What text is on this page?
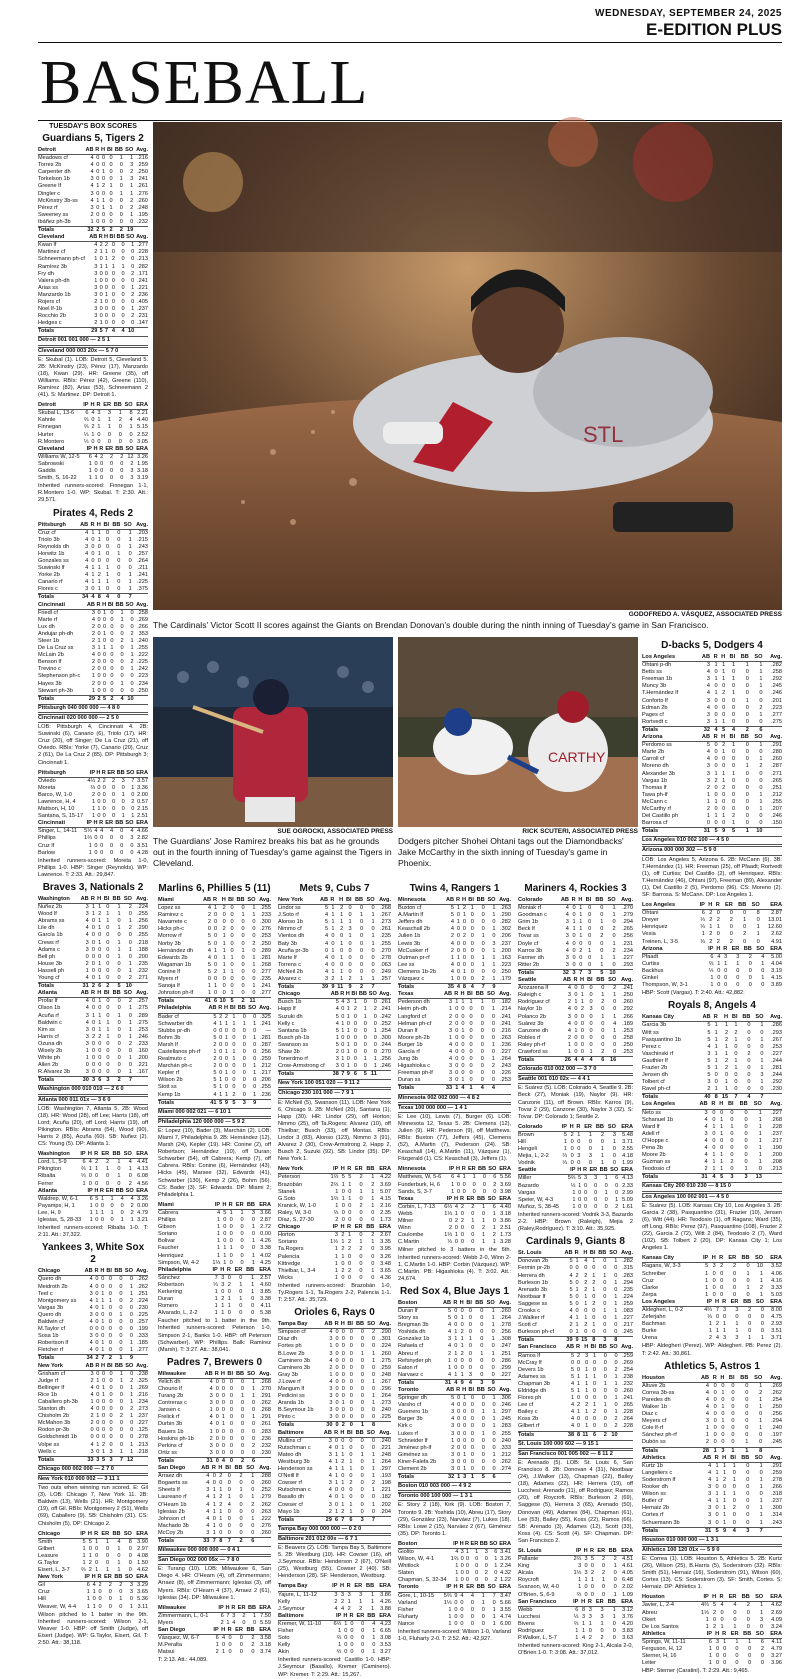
WEDNESDAY, SEPTEMBER 24, 2025
E-EDITION PLUS
BASEBALL
TUESDAY'S BOX SCORES
STL
GODOFREDO A. VÁSQUEZ, ASSOCIATED PRESS
The Cardinals' Victor Scott II scores against the Giants on Brendan Donovan's double during the ninth inning of Tuesday's game in San Francisco.
SUE OGROCKI, ASSOCIATED PRESS
The Guardians' Jose Ramirez breaks his bat as he grounds out in the fourth inning of Tuesday's game against the Tigers in Cleveland.
CARTHY
RICK SCUTERI, ASSOCIATED PRESS
Dodgers pitcher Shohei Ohtani tags out the Diamondbacks' Jake McCarthy in the sixth inning of Tuesday's game in Phoenix.
Guardians 5, Tigers 2
Detroit	AB	R	H	BI	BB	SO	Avg.
Meadows cf	4	0	0	0	1	1	.216
Torres 2b	4	0	0	0	0	3	.259
Carpenter dh	4	0	1	0	0	2	.250
Torkelson 1b	3	0	0	0	1	3	241
Greene lf	4	1	2	1	0	1	.261
Dingler c	3	0	0	0	1	1	.276
McKinstry 3b-ss	4	1	1	0	0	2	.260
Pérez rf	3	0	1	1	0	2	.248
Sweeney ss	2	0	0	0	0	1	.195
Ibáñez ph-3b	1	0	0	0	0	0	.232
Totals	32	2	5	2	2	19	
Cleveland	AB	R	H	BI	BB	SO	Avg.
Kwan lf	4	2	2	0	0	1	.277
Martinez cf	2	1	1	0	0	0	.228
Schneemann ph-cf	1	0	1	2	0	0	.213
Ramírez 3b	3	1	1	1	1	0	.282
Fry dh	3	0	0	0	0	2	.171
Valera ph-dh	1	0	0	0	0	0	.241
Arias ss	3	0	0	0	0	1	.221
Manzardo 1b	3	0	1	0	0	2	.236
Rojers cf	2	1	0	0	0	0	.405
Noel lf-1b	3	0	0	0	0	1	.237
Rocchio 2b	3	0	0	0	0	2	.231
Hedges c	2	1	0	0	0	0	.147
Totals	29	5	7	4	4	10	
Detroit 001 001 000 — 2 5 1
Cleveland 000 003 20x — 5 7 0
E: Skubal (1). LOB: Detroit 5, Cleveland 5. 2B: McKinstry (23), Pérez (17), Manzardo (18), Kwan (29). HR: Greene (35), off Williams. RBIs: Pérez (42), Greene (110), Ramírez (82), Arias (53), Schneemann 2 (41). S: Martinez. DP: Detroit 1.
Detroit	IP	H	R	ER	BB	SO	ERA
Skubal L, 13-6	6	4	3	3	1	8	2.21
Kahnle	⅔	0	1	1	2	4	4.40
Finnegan	⅔	2	1	1	0	1	5.15
Hurter	⅓	1	0	0	0	0	2.52
R.Montero	⅓	0	0	0	0	0	3.05
Cleveland	IP	H	R	ER	BB	SO	ERA
Williams W, 12-5	6	4	2	2	2	12	3.26
Sabrowski	1	0	0	0	0	2	1.95
Gaddis	1	0	0	0	0	3	3.18
Smith, S, 16-22	1	1	0	0	0	3	3.19
Inherited runners-scored: Finnegan 1-1, R.Montero 1-0. WP: Skubal. T: 2:30. Att.: 29,571.
Pirates 4, Reds 2
Pittsburgh	AB	R	H	BI	BB	SO	Avg.
Cruz cf	4	1	1	0	0	1	.203
Triolo 3b	4	0	1	0	0	1	.215
Reynolds dh	3	0	0	0	0	1	.243
Horwitz 1b	4	0	1	0	1	0	.257
Gonzales ss	4	0	0	0	0	0	.264
Suwinski lf	4	1	1	1	0	0	.211
Yorke 2b	4	1	2	1	0	1	.241
Canario rf	4	1	1	1	0	1	.225
Flores c	3	0	1	0	0	1	.375
Totals	34	4	8	4	0	7	
Cincinnati	AB	R	H	BI	BB	SO	Avg.
Friedl cf	3	0	1	0	1	0	.258
Marte rf	4	0	0	0	1	0	.269
Lux dh	2	0	0	0	0	0	.266
Andujar ph-dh	2	0	1	0	0	2	353
Steer 1b	2	1	0	0	2	1	.240
De La Cruz ss	3	1	1	1	0	1	.255
McLain 2b	4	0	0	0	0	1	.222
Benson lf	2	0	0	0	0	2	.225
Trevino c	2	0	0	0	0	1	.242
Stephenson ph-c	1	0	0	0	0	0	.223
Hayes 3b	2	0	0	0	1	0	.234
Stewart ph-3b	1	0	0	0	0	0	.250
Totals	29	2	5	2	4	10	
Pittsburgh 040 000 000 — 4 8 0
Cincinnati 020 000 000 — 2 5 0
LOB: Pittsburgh 4, Cincinnati 4. 2B: Suwinski (6), Canario (6), Triolo (17). HR: Cruz (20), off Singer; De La Cruz (21), off Oviedo. RBIs: Yorke (7), Canario (20), Cruz 2 (61), De La Cruz 2 (85). DP: Pittsburgh 3; Cincinnati 1.
Pittsburgh	IP	H	R	ER	BB	SO	ERA
Oviedo	4⅓	2	2	2	3	7	3.57
Moreta	⅔	0	0	0	0	1	3.36
Barco, W, 1-0	2	0	0	0	1	0	2.00
Lawrence, H, 4	1	0	0	0	0	2	0.57
Mattson, H, 10	1	1	0	0	0	0	2.15
Santana, S, 15-17	1	0	0	0	1	1	2.51
Cincinnati	IP	H	R	ER	BB	SO	ERA
Singer, L, 14-11	5⅓	4	4	4	0	4	4.66
Phillips	1⅔	0	0	0	0	3	2.82
Cruz lf	1	0	0	0	0	0	3.51
Barlow	1	0	0	0	0	0	4.28
Inherited runners-scored: Moreta 1-0, Phillips 1-0. HBP: Singer (Reynolds). WP: Lawrence. T: 2:33. Att.: 29,847.
Braves 3, Nationals 2
Washington	AB	R	H	BI	BB	SO	Avg.
Nuñez 2b	3	1	1	0	1	2	.224
Wood lf	3	1	2	1	1	0	.255
Abrams ss	4	0	1	1	0	1	.256
Lile dh	4	0	1	0	1	2	.290
García 1b	4	0	0	0	0	0	.255
Crews rf	3	0	1	0	1	0	.218
Adams c	3	0	0	0	1	1	.188
Bell ph	0	0	0	0	1	0	.200
House 3b	2	0	1	0	0	1	.235
Hassell ph	1	0	0	0	0	1	.232
Young cf	4	0	1	0	0	2	.271
Totals	31	2	6	2	5	10	
Atlanta	AB	R	H	BI	BB	SO	Avg.
Profar lf	4	0	1	0	0	2	.257
Olson 1b	4	0	0	0	0	1	.275
Acuña rf	3	1	1	0	1	0	.289
Baldwin c	4	0	1	1	0	1	.275
Kim ss	3	0	1	1	0	1	.253
Harris cf	3	2	2	1	0	1	.246
Ozuna dh	3	0	0	0	0	2	.233
Wisely 2b	1	0	0	0	0	0	.160
White ph	1	0	0	0	0	1	.200
Allen 2b	0	0	0	0	0	0	.221
R.Alvarez 3b	3	0	0	0	0	1	.167
Totals	30	3	6	3	2	7	
Washington 000 010 010 — 2 6 0
Atlanta 000 011 01x — 3 6 0
LOB: Washington 7, Atlanta 5. 2B: Wood (18). HR: Wood (28), off Lee; Harris (18), off Lord; Acuña (20), off Lord; Harris (19), off Pikington. RBIs: Abrams (54), Wood (90), Harris 2 (85), Acuña (60). SB: Nuñez (2). CS: Young (5). DP: Atlanta 1.
Washington	IP	H	R	ER	BB	SO	ERA
Lord, L, 5-9	6	4	2	2	1	4	4.41
Pikington	⅔	1	1	1	0	1	4.13
Ribalta	⅓	0	0	0	1	0	6.08
Ferrer	1	0	0	0	0	2	4.56
Atlanta	IP	H	R	ER	BB	SO	ERA
Waldrep, W, 6-1	6	5	1	1	4	4	3.26
Payamps, H, 1	1	0	0	0	0	2	0.00
Lee, H, 9	1	1	1	1	0	2	4.79
Iglesias, S, 28-33	1	0	0	0	1	1	3.21
Inherited runners-scored: Ribalta 1-0. T: 2:11. Att.: 37,322.
Yankees 3, White Sox 2
Chicago	AB	R	H	BI	BB	SO	Avg.
Quero dh	4	0	0	0	0	0	.262
Meidroth 2b	4	0	0	0	0	1	.262
Teel c	3	0	1	0	0	1	.251
Montgomery ss	4	1	1	1	0	2	.224
Vargas 3b	4	0	1	0	0	0	.230
Quero dh	3	0	0	0	1	0	.225
Baldwin cf	4	0	1	0	0	0	.257
M.Taylor cf	0	0	0	0	0	0	.199
Sosa 1b	3	0	0	0	0	0	.333
Robertson lf	4	0	1	0	0	1	.185
Fletcher rf	4	0	1	0	0	1	.277
Totals	34	2	7	2	1	9	
New York	AB	R	H	BI	BB	SO	Avg.
Grisham cf	3	0	0	0	1	0	.238
Judge rf	2	1	0	0	1	2	.325
Bellinger lf	4	0	1	0	0	1	.269
Rice 1b	4	0	1	0	0	1	.216
Caballero ph-3b	1	0	0	0	0	1	.234
Stanton dh	4	0	0	0	0	2	.273
Chisholm 2b	2	1	0	0	2	1	.237
McMahon 3b	2	0	0	0	0	0	.227
Rodon pr-3b	0	0	0	0	0	0	.125
Goldschmidt 1b	0	0	0	0	0	0	.278
Volpe ss	4	1	2	0	0	1	.213
Wells c	3	0	1	3	1	1	.218
Totals	33	3	5	3	7	12	
Chicago 000 002 000 — 2 7 0
New York 010 000 002 — 3 11 1
Two outs when winning run scored. E: Gil (3). LOB: Chicago 7, New York 11. 2B: Baldwin (13), Wells (21). HR: Montgomery (19), off Gil. RBIs: Montgomery 2 (51), Wells (69), Caballero (9). SB: Chisholm (31). CS: Chisholm (5). DP: Chicago 2.
Chicago	IP	H	R	ER	BB	SO	ERA
Smith	5	5	1	1	4	8	3.90
Gilbert	1	0	0	0	1	0	2.97
Leasure	1	1	0	0	0	0	4.08
G.Taylor	1	2	0	0	1	0	1.50
Eisert, L, 3-7	⅔	2	1	1	1	0	4.62
New York	IP	H	R	ER	BB	SO	ERA
Gil	6	4	2	2	2	3	3.29
Cruz	1	1	0	0	0	3	3.65
Hill	1	0	0	0	1	0	5.36
Weaver, W, 4-4	1	1	0	0	0	1	3.11
Wilson pitched to 1 batter in the 9th. Inherited runners-scored: Wilson 2-1, Weaver 1-0. HBP: off Smith (Judge), off Eisert (Judge). WP: G.Taylor, Eisert, Gil. T: 2:50. Att.: 38,118.
Marlins 6, Phillies 5 (11)
Miami	AB	R	H	BI	BB	SO	Avg.
Lopez ss	4	1	2	0	0	1	.255
Ramirez c	2	0	0	0	1	1	.233
Navarrete c	2	0	0	0	0	0	.300
Hicks ph-c	0	0	2	0	0	0	.276
Morrow rf	5	0	1	0	0	0	.253
Norby 3b	5	0	1	0	0	2	.250
Hernández dh	4	1	1	0	1	0	.289
Edwards 2b	4	0	1	1	0	1	.281
Wagaman 1b	5	0	1	0	0	1	.268
Conine lf	5	2	1	1	0	0	.277
Myers rf	0	0	0	0	0	0	.235
Sanoja lf	1	1	0	0	0	1	.241
Johnston ph-lf	1	0	0	1	0	0	.277
Totals	41	6	10	5	2	11	
Philadelphia	AB	R	H	BI	BB	SO	Avg.
Bader cf	5	2	2	1	0	0	.325
Schwarber dh	4	1	1	1	1	1	.241
Stubbs pr-dh	0	0	0	0	0	0	—
Bohm 3b	5	0	1	0	0	1	.281
Marsh lf	2	0	0	0	0	0	.287
Castellanos ph-rf	1	0	1	1	0	0	.256
Realmuto c	2	0	0	1	0	0	.259
Marchán ph-c	2	0	0	0	0	1	.212
Kepler rf	5	0	1	0	0	1	.217
Wilson 2b	5	1	0	0	0	0	.206
Stott ss	5	1	0	0	0	0	.255
Kemp 1b	4	1	1	2	0	1	.236
Totals	41	5	9	5	3	9	
Miami 000 002 021 — 6 10 1
Philadelphia 120 000 000 — 5 9 2
E: Lopez (10), Bader (3), Marchán (2). LOB: Miami 7, Philadelphia 9. 2B: Hernández (12), Marsh (24), Kepler (19). HR: Conine (2), off Robertson; Hernández (10), off Duran; Schwarber (54), off Cabrera; Kemp (7), off Cabrera. RBIs: Conine (6), Hernández (43), Hicks (45), Marsee (32), Edwards (41), Schwarber (130), Kemp 2 (26), Bohm (56). CS: Bader (3). SF: Edwards. DP: Miami 2; Philadelphia 1.
Miami	IP	H	R	ER	BB	ERA
Cabrera	4	5	1	1	3	3.66
Phillips	1	0	0	0	0	2.87
Gibson	1	0	0	0	1	2.72
Soriano	1	0	0	0	0	0.00
Bolivar	1	0	0	0	1	4.26
Faucher	1	1	1	0	0	3.38
Henriquez	1	1	0	0	1	4.02
Simpson, W, 4-2	1⅓	1	0	0	1	4.25
Philadelphia	IP	H	R	ER	BB	ERA
Sánchez	7	3	0	0	1	2.57
Robertson	⅓	3	2	1	1	4.60
Kerkering	1	0	0	0	1	3.85
Duran	1	2	1	1	0	3.38
Romero	1	1	1	0	0	4.11
Alvarado, L, 2-2	1	1	0	0	0	5.38
Faucher pitched to 1 batter in the 9th. Inherited runners-scored: Peterson 1-0, Simpson 2-1, Banks 1-0. HBP: off Peterson (Schwarber). WP: Phillips. Balk: Ramírez (Marsh). T: 3:27. Att.: 38,041.
Padres 7, Brewers 0
Milwaukee	AB	R	H	BI	BB	SO	Avg.
Yelich dh	4	0	0	0	0	1	.268
Chourio lf	4	0	0	0	0	1	.270
Turang 2b	3	0	0	0	1	1	.291
Contreras c	3	0	0	0	0	0	.262
Jansen c	1	0	0	0	0	0	.268
Frelick rf	4	0	1	0	0	1	.291
Durbin 3b	4	0	1	0	0	0	.261
Bauers 1b	1	0	0	0	0	0	.283
Hoskins ph-1b	2	0	0	0	0	0	.236
Perkins cf	3	0	0	0	0	2	.232
Ortiz ss	3	0	0	0	0	0	.230
Totals	31	0	4	0	2	6	
San Diego	AB	R	H	BI	BB	SO	Avg.
Arraez dh	4	0	2	0	2	1	.288
Bogaerts ss	4	0	0	0	0	0	.260
Sheets lf	3	1	1	0	1	0	.252
Laureano rf	4	1	2	1	0	1	.279
O'Hearn 1b	4	1	2	4	0	2	.262
Iglesias 2b	4	1	1	0	0	0	.263
Johnson cf	4	0	1	0	0	1	.222
Machado 3b	4	1	0	0	0	0	.276
McCoy 2b	3	1	0	0	0	0	.260
Totals	33	7	8	7	2	6	
Milwaukee 000 000 000 — 0 4 1
San Diego 002 000 05x — 7 8 0
E: Turang (10). LOB: Milwaukee 6, San Diego 4. HR: O'Hearn (4), off Zimmermann; Arraez (8), off Zimmermann; Iglesias (3), off Myers. RBIs: O'Hearn 4 (37), Arraez 2 (61), Iglesias (34). DP: Milwaukee 1.
Milwaukee	IP	H	R	ER	BB	ERA
Zimmermann, L, 0-1	6	7	3	2	1	7.50
Myers	2	1	4	0	0	5.59
San Diego	IP	H	R	ER	BB	ERA
Vásquez, W, 6-7	6	4	0	0	2	3.58
M.Peralta	1	0	0	0	2	3.18
Matsui	2	1	0	0	0	3.74
T: 2:13. Att.: 44,089.
Mets 9, Cubs 7
New York	AB	R	H	BI	BB	SO	Avg.
Lindor ss	5	1	2	0	0	0	.268
J.Soto rf	4	1	1	0	1	1	.267
Alonso 1b	5	1	1	1	0	1	.273
Nimmo cf	5	1	2	3	0	0	.261
Vientos dh	4	0	0	1	0	1	.235
Baty 3b	4	0	1	0	0	1	.255
Acuña pr-3b	0	1	0	0	0	0	.270
Marte lf	4	0	1	0	0	0	.278
Torrens c	4	0	0	0	0	0	.063
McNeil 2b	4	1	1	0	0	0	.249
Alvarez c	3	2	1	2	1	1	.257
Totals	39	9	11	9	2	7	
Chicago	AB	R	H	BI	BB	SO	Avg.
Busch 1b	5	4	3	1	0	0	.261
Happ lf	4	0	1	2	1	2	.241
Suzuki dh	5	0	1	0	1	0	.242
Kelly c	4	1	0	0	0	0	.252
Santana 1b	5	1	1	0	0	1	.254
Busch ph-1b	1	0	0	0	0	0	.300
Swanson ss	5	0	1	0	0	0	.244
Shaw 3b	2	0	1	0	0	0	.270
Tonerdmo rf	3	1	0	0	1	1	.256
Crow-Armstrong cf	3	0	1	0	0	1	.246
Totals	38	7	9	6	5	11	
New York 100 051 020 — 9 11 2
Chicago 230 101 000 — 7 9 1
E: McNeil (5), Swanson (11). LOB: New York 6, Chicago 9. 2B: McNeil (20), Santana (1), Happ (30). HR: Lindor (29), off Horton; Nimmo (25), off Ta.Rogers; Alvarez (10), off Thielbar; Busch (33), off Montas. RBIs: Lindor 3 (83), Alonso (123), Nimmo 3 (91), Alvarez 2 (30), Crow-Armstrong 2, Happ 2, Busch 2, Suzuki (92). SB: Lindor (35). DP: New York 1.
New York	IP	H	R	ER	BB	ERA
Peterson	1⅔	5	5	2	1	4.22
Brazobán	2⅔	1	1	0	2	3.69
Stanek	1	0	0	1	1	5.07
G.Soto	1⅔	1	1	0	1	4.15
Kranick, W, 1-0	1	0	0	2	1	2.16
Raley, W, 3-0	⅔	0	0	0	0	2.35
Díaz, S, 27-30	2	0	0	0	0	1.73
Chicago	IP	H	R	ER	BB	ERA
Horton	3	2	1	0	2	2.67
Soriano	1⅓	1	2	1	1	3.35
Ta.Rogers	1	2	2	2	0	3.95
Palencia	1	1	0	0	0	3.26
Kittredge	1	0	0	0	0	3.48
Thielbar, L, 3-4	1	2	2	0	1	3.65
Wicks	1	0	0	0	0	4.36
Inherited runners-scored: Brazobán 1-0, Ty.Rogers 1-1, Ta.Rogers 2-2, Palencia 1-1. T: 2:57. Att.: 35,729.
Orioles 6, Rays 0
Tampa Bay	AB	R	H	BI	BB	SO	Avg.
Simpson cf	4	0	0	0	0	2	.290
Díaz dh	3	0	0	0	0	0	.301
Fortes ph	1	0	0	0	0	0	.224
B.Lowe 2b	3	0	0	0	1	1	.260
Caminero 3b	4	0	0	0	0	1	.275
Caminero 3b	2	0	0	0	0	0	.259
Gray 3b	1	0	0	0	0	0	.248
J.Lowe rf	4	0	0	0	0	1	.267
Mangum lf	3	0	0	0	0	0	.296
Pedicini ss	3	0	0	0	0	1	.264
Aranda 1b	3	0	1	0	0	1	.273
B.Seymour 1b	3	0	0	0	0	0	.240
Pinto c	3	0	0	0	0	0	.225
Totals	30	0	2	0	1	8	
Baltimore	AB	R	H	BI	BB	SO	Avg.
Mullins cf	3	0	0	0	0	0	.240
Rutschman c	4	0	1	0	0	0	.221
Mateo dh	3	1	1	0	1	1	.248
Westburg 3b	4	1	2	1	0	1	.264
Henderson ss	4	1	1	1	0	1	.297
O'Neill lf	4	1	0	0	0	1	.193
Cowser rf	3	1	1	2	0	2	.198
Rutschman c	4	0	0	0	0	1	.221
Basallo dh	4	0	1	0	0	0	.182
Cowser cf	3	0	1	1	0	1	.202
Mayo 1b	2	1	2	1	0	0	.204
Totals	29	6	7	6	3	7	
Tampa Bay 000 000 000 — 0 2 0
Baltimore 201 012 00x — 6 7 1
E: Beavers (2). LOB: Tampa Bay 5, Baltimore 5. 2B: Westburg (10). HR: Cowser (16), off J.Seymour. RBIs: Henderson 2 (67), O'Neill (25), Westburg (55), Cowser 2 (40). SB: Henderson (28). SF: Henderson, Westburg.
Tampa Bay	IP	H	R	ER	BB	ERA
Yajure, L, 11-12	3	3	3	3	1	3.86
Kelly	2	2	1	1	1	4.26
J.Seymour	4	4	2	2	1	3.88
Baltimore	IP	H	R	ER	BB	ERA
Kremer, W, 11-10	6⅔	1	0	0	4	4.23
Fisher	1	0	0	0	1	6.65
Soto	⅔	0	0	0	1	3.08
Kelly	1	0	0	0	0	3.53
Akin	⅔	0	0	0	1	3.27
Inherited runners-scored: Castillo 1-0. HBP: J.Seymour (Basallo), Kremer (Caminero). WP: Kremer. T: 2:29. Att.: 15,267.
Twins 4, Rangers 1
Minnesota	AB	R	H	BI	BB	SO	Avg.
Buxton cf	5	1	2	1	0	1	.263
A.Martin lf	5	0	1	0	0	1	.290
Jeffers dh	4	1	0	0	0	0	.282
Keaschall 2b	4	0	0	0	0	1	.302
Julien 1b	2	0	2	0	1	0	.206
Lewis 3b	4	0	0	0	0	3	.237
McCusker rf	2	0	0	0	0	1	.200
Outman pr-rf	1	1	0	0	1	1	.163
Lee ss	4	0	0	0	1	1	.223
Clemens 1b-2b	4	0	1	0	0	0	.250
Vázquez c	1	0	0	0	2	1	.179
Totals	35	4	8	4	7	9	
Texas	AB	R	H	BI	BB	SO	Avg.
Pederson dh	3	1	1	1	1	0	.182
Heim ph-dh	1	0	0	0	0	1	.214
Langford cf	2	0	0	0	0	0	.241
Helman ph-cf	2	0	0	0	0	0	.241
Duran lf	3	0	1	0	0	0	.216
Moore ph-2b	1	0	0	0	0	0	.263
Burger 1b	4	0	0	0	0	1	.236
García rf	4	0	0	0	0	0	.227
Jung 3b	4	0	0	0	0	1	.264
Higashioka c	3	0	0	0	0	2	.243
Freeman ph-lf	3	0	0	0	0	0	.226
Duran ss	3	0	1	0	0	0	.253
Totals	33	1	4	1	4	4	
Minnesota 002 002 000 — 4 8 2
Texas 100 000 000 — 1 4 1
E: Lee (10), Lewis (7), Burger (6). LOB: Minnesota 12, Texas 5. 2B: Clemens (12), Julien (9). HR: Pederson (9), off Matthews. RBIs: Buxton (77), Jeffers (45), Clemens (52), A.Martin (7), Pederson (24). SB: Keaschall (14), A.Martin (11), Vázquez (1), Fitzgerald (1). CS: Keaschall (3), Jeffers (1).
Minnesota	IP	H	R	ER	BB	SO	ERA
Matthews, W, 5-6	6	4	1	1	0	6	5.56
Funderburk, H, 6	1	0	0	0	0	2	3.69
Sands, S, 3-7	1	0	0	0	0	0	3.98
Texas	IP	H	R	ER	BB	SO	ERA
Corbin, L, 7-13	6⅔	4	2	2	1	6	4.40
Webb	1⅓	1	0	0	0	1	3.18
Milner	0	2	2	1	1	0	3.86
Winn	2	0	0	0	2	1	2.51
Coulombe	1⅓	1	0	0	1	2	1.73
C.Martin	⅓	0	0	0	1	1	3.28
Milner pitched to 3 batters in the 6th. Inherited runners-scored: Webb 2-0, Winn 2-1, C.Martin 1-0. HBP: Corbin (Vázquez). WP: C.Martin. PB: Higashioka (4). T: 3:02. Att.: 24,674.
Red Sox 4, Blue Jays 1
Boston	AB	R	H	BI	BB	SO	Avg.
Duran lf	5	0	0	0	0	1	.260
Story ss	5	0	1	0	0	1	.264
Bregman 3b	4	0	0	0	0	1	.278
Yoshida dh	4	1	2	0	0	0	.256
Gonzalez 1b	3	1	1	1	0	1	.308
Rafaela cf	4	0	1	0	0	0	.247
Abreu rf	2	1	2	0	1	1	.251
Refsnyder ph	1	0	0	0	0	0	.286
Eaton rf	1	0	0	0	0	0	.299
Narvaez c	4	1	1	3	0	0	.227
Totals	31	4	9	4	3	9	
Toronto	AB	R	H	BI	BB	SO	Avg.
Springer dh	5	0	1	0	0	1	.306
Varsho cf	4	0	0	0	0	0	.246
Guerrero 1b	3	0	0	0	1	1	.297
Barger 3b	4	0	0	0	0	1	.245
Kirk c	3	0	0	0	0	1	.283
Lukes rf	3	0	0	0	1	0	.255
Schneider lf	1	0	0	0	0	0	.240
Jiménez ph-lf	2	0	0	0	0	0	.333
Giménez ss	3	0	1	0	0	1	.212
Kiner-Falefa 2b	3	0	0	0	0	0	.262
Clement 2b	3	0	1	0	0	0	.274
Totals	32	1	3	1	5	6	
Boston 010 003 000 — 4 9 2
Toronto 000 100 000 — 1 3 1
E: Story 2 (18), Kirk (9). LOB: Boston 7, Toronto 9. 2B: Yoshida (10), Abreu (17), Story (29), González (23), Narváez (7), Lukes (18). RBIs: Lowe 2 (15), Narváez 2 (67), Giménez (35). DP: Toronto 1.
Boston	IP	H	R	ER	BB	SO	ERA
Giolito	4	3	1	1	3	6	3.41
Wilson, W, 4-1	1⅔	0	0	0	0	1	3.26
Whitlock	1	0	0	0	0	1	2.34
Slaten	1	0	0	0	2	0	4.32
Chapman, S, 32-34	1	0	0	0	0	2	1.22
Toronto	IP	H	R	ER	BB	SO	ERA
Gore, L, 10-15	5⅔	9	4	4	1	7	3.47
Varland	1⅓	0	0	0	1	0	5.66
Fisher	1	0	0	0	0	1	3.55
Fluharty	1	0	0	0	0	1	4.74
Nance	1	0	0	0	0	1	6.00
Inherited runners-scored: Wilson 1-0, Varland 1-0, Fluharty 2-0. T: 2:52. Att.: 42,927.
Mariners 4, Rockies 3
Colorado	AB	R	H	BI	BB	SO	Avg.
Moniak rf	4	0	1	0	0	1	.270
Goodman c	4	0	1	0	0	1	.279
Grim 1b	3	1	1	0	1	0	.294
Beck lf	4	1	1	0	0	2	.265
Tovar ss	3	0	1	0	2	0	.256
Doyle cf	4	0	0	0	0	1	.231
Karros 3b	4	0	2	1	0	2	.234
Farmer dh	3	0	0	0	1	1	.227
Ritter 2b	3	0	0	0	1	0	.293
Totals	32	3	7	3	5	10	
Seattle	AB	R	H	BI	BB	SO	Avg.
Arozarena lf	4	0	0	0	0	2	.241
Raleigh c	3	0	1	0	1	1	.250
Rodríguez cf	2	1	1	0	2	0	.260
Naylor 1b	4	0	2	3	0	0	.292
Polanco 2b	3	0	0	0	1	1	.266
Suárez 3b	4	0	0	0	0	4	.189
Canzone dh	4	1	0	0	0	1	.253
Robles rf	2	0	0	0	0	0	.258
Raley ph-rf	1	0	0	0	0	0	.250
Crawford ss	1	0	0	1	2	0	.253
Totals	26	4	4	4	6	16	
Colorado 010 002 000 — 3 7 0
Seattle 001 010 02x — 4 4 1
E: Suárez (5). LOB: Colorado 4, Seattle 9. 2B: Beck (27), Moniak (19), Naylor (9). HR: Canzone (11), off Brown. RBIs: Karros (9), Tovar 2 (29), Canzone (30), Naylor 3 (32). S: Tovar. DP: Colorado 1; Seattle 2.
Colorado	IP	H	R	ER	BB	SO	ERA
Brown	5	2	1	1	2	3	5.48
Hill	1	0	0	0	0	1	3.71
Hengeli	1	0	0	0	1	0	2.55
Mejia, L, 2-2	⅔	0	3	3	1	0	4.18
Vodnik	⅓	0	0	0	1	0	1.99
Seattle	IP	H	R	ER	BB	SO	ERA
Miller	5⅔	5	3	3	1	6	4.13
Bazardo	⅓	1	0	0	0	0	2.33
Vargas	1	0	0	0	1	0	2.99
Speier, W, 4-3	1	0	0	0	0	1	5.09
Muñoz, S, 38-45	1	0	0	0	0	2	1.61
Inherited runners-scored: Vodnik 3-3, Bazardo 2-2. HBP: Brown (Raleigh), Mejia 2 (Raley,Rodríguez). T: 3:10. Att.: 35,925.
Cardinals 9, Giants 8
St. Louis	AB	R	H	BI	BB	SO	Avg.
Donovan 2b	5	1	4	1	0	1	.282
Fermin pr-2b	0	0	0	0	0	0	.315
Herrera dh	4	2	2	1	1	0	.283
Burleson 1b	5	0	2	2	0	1	.294
Arenado 3b	5	1	2	1	0	0	.235
Nootbaar lf	5	0	1	0	0	1	.224
Saggese ss	5	0	1	2	0	1	.259
Crooks c	4	0	0	0	1	1	.083
J.Walker rf	4	1	1	0	0	1	.227
Scott cf	2	1	2	1	0	0	.217
Burleson ph-cf	0	1	0	0	0	0	.245
Totals	39	9	15	8	3	8	
San Francisco	AB	R	H	BI	BB	SO	Avg.
Ramos lf	5	2	3	1	0	0	.259
McCray lf	0	0	0	0	0	0	.269
Devers 1b	5	0	1	0	0	2	.254
Adames ss	5	1	1	1	0	1	.238
Chapman 3b	4	1	1	0	1	1	.232
Eldridge dh	5	1	1	0	0	0	.260
Flores ph	1	0	0	0	0	1	.241
Lee cf	4	2	2	1	1	0	.265
Bailey c	4	1	1	2	0	1	.228
Koss 2b	4	0	0	0	0	2	.264
Gilbert rf	4	0	1	0	0	2	.228
Totals	38	8	11	6	2	10	
St. Louis 100 000 602 — 9 15 1
San Francisco 001 005 002 — 8 11 2
E: Arenado (5). LOB: St. Louis 6, San Francisco 8. 2B: Donovan 4 (31), Nootbaar (24), J.Walker (13), Chapman (22), Bailey (18), Adames (22). HR: Herrera (19), off Lucchesi; Arenado (11), off Rodriguez; Ramos (20), off Roycroft. RBIs: Burleson 2 (69), Saggese (5), Herrera 3 (65), Arenado (50), Donovan (49), Adames (84), Chapman (61), Lee (53), Bailey (55), Koss (22), Ramos (66). SB: Arenado (3), Adames (12), Scott (33), Koss (4). CS: Scott (4). SF: Chapman. DP: San Francisco 2.
St. Louis	IP	H	R	ER	BB	ERA
Pallante	2⅔	3	5	2	2	4.51
King	3	0	0	0	1	4.61
Alcala	1⅓	3	2	2	0	4.05
Roycroft	1	1	1	1	0	6.48
Svanson, W, 4-0	1	0	0	0	0	2.02
O'Brien, S, 6-9	⅔	0	0	0	1	1.09
San Francisco	IP	H	R	ER	BB	ERA
Webb	6	8	3	3	1	3.12
Lucchesi	⅓	3	3	3	1	3.76
Bivens	⅔	1	1	1	0	4.20
Rodríguez	1	1	0	0	0	3.83
P.Walker, L, 5-7	1	4	2	2	0	3.63
Inherited runners-scored: King 2-1, Alcala 2-0, O'Brien 1-0. T: 3:08. Att.: 37,012.
D-backs 5, Dodgers 4
Los Angeles	AB	R	H	BI	BB	SO	Avg.
Ohtani p-dh	3	1	1	1	1	1	.282
Betts ss	4	0	1	0	0	1	.258
Freeman 1b	3	1	1	1	0	1	.292
Muncy 3b	4	0	0	0	0	1	.245
T.Hernández lf	4	1	2	1	0	0	.246
Conforto lf	3	0	0	0	1	0	.201
Edman 2b	4	0	0	0	0	2	.223
Pages cf	3	0	0	0	0	1	.277
Rortvedt c	3	1	1	0	0	0	.275
Totals	32	4	5	4	2	6	
Arizona	AB	R	H	BI	BB	SO	Avg.
Perdomo ss	5	0	2	1	0	1	.291
Marte 2b	4	0	1	0	0	0	.280
Carroll cf	4	0	0	0	0	1	.260
Moreno dh	3	0	0	0	1	2	.287
Alexander 3b	3	1	1	1	0	0	.271
Vargas 1b	3	2	1	0	0	0	.265
Thomas lf	2	0	2	0	0	0	.251
Tawa ph-lf	1	0	0	0	0	1	.212
McCann c	1	1	0	0	0	1	.255
McCarthy rf	2	0	0	0	0	1	.207
Del Castillo ph	1	1	1	2	0	0	.246
Barrosa cf	0	0	0	1	0	0	.150
Totals	31	5	9	5	1	10	
Los Angeles 010 002 100 — 4 5 0
Arizona 000 000 302 — 5 9 0
LOB: Los Angeles 5, Arizona 6. 2B: McCann (6). 3B: T.Hernández (1). HR: Freeman (25), off Pfaadt; Rortvedt (1), off Curtiss; Del Castillo (2), off Henriquez. RBIs: T.Hernández (46), Ohtani (97), Freeman (89), Alexander (1), Del Castillo 2 (5), Perdomo (96). CS: Moreno (2). SF: Barrosa. S: McCann. DP: Los Angeles 1.
Los Angeles	IP	H	R	ER	BB	SO	ERA
Ohtani	6	2	0	0	0	8	2.87
Dreyer	⅓	2	2	2	1	0	13.01
Henriquez	⅓	1	1	0	0	1	12.60
Vesia	1	2	0	0	2	1	2.62
Treinen, L, 3-5	⅓	2	2	2	0	0	4.91
Arizona	IP	H	R	ER	BB	SO	ERA
Pfaadt	6	4	3	3	2	4	5.00
Curtiss	⅔	1	1	1	0	1	4.04
Backhus	⅓	0	0	0	0	0	3.19
Ginkel	1	0	0	0	0	1	4.15
Thompson, W, 3-1	1	0	0	0	0	0	3.89
HBP: Scott (Vargas). T: 2:40. Att.: 42,882.
Royals 8, Angels 4
Kansas City	AB	R	H	BI	BB	SO	Avg.
Garcia 3b	5	1	1	1	0	1	.286
Witt ss	5	1	2	2	0	0	.293
Pasquantino 1b	5	1	2	1	0	1	.267
Perez c	4	1	1	0	0	0	.253
Vaschinski rf	3	1	1	0	2	0	.227
Gauthier lf	5	1	2	1	0	1	.244
Frazier 2b	5	1	2	1	0	1	.281
Jensen dh	5	0	0	0	0	3	.244
Tolbert cf	3	0	1	0	0	1	.292
Ravel ph-cf	2	1	1	0	0	0	.230
Totals	40	8	15	7	4	7	
Los Angeles	AB	R	H	BI	BB	SO	Avg.
Neto ss	3	0	0	0	0	1	.227
Schanuel 1b	4	0	1	0	0	1	.268
Ward lf	4	1	1	1	0	1	.228
Adell rf	3	0	1	0	0	1	.237
O'Hoppe c	4	0	0	0	0	1	.217
Pena 3b	4	0	0	0	0	1	.190
Moore 2b	4	1	1	0	0	1	.200
Guzman ss	4	1	1	2	0	1	.208
Teodosio cf	2	1	1	0	1	0	.213
Totals	31	4	5	3	3	13	
Kansas City 200 010 230 — 8 15 0
Los Angeles 100 002 001 — 4 5 0
E: Suárez (5). LOB: Kansas City 10, Los Angeles 3. 2B: Garcia 2 (38), Pasquantino (31), Frazier (10), Jensen (6), Witt (44). HR: Teodosio (1), off Ragans; Ward (35), off Long. RBIs: Perez (97), Pasquantino (108), Frazier 2 (22), Garcia 2 (72), Witt 2 (84), Teodosio 2 (7), Ward (102). SB: Tolbert 2 (20). DP: Kansas City 1; Los Angeles 1.
Kansas City	IP	H	R	ER	BB	SO	ERA
Ragans, W, 3-3	5	3	2	2	0	10	3.52
Schreiber	1	0	0	0	1	1	4.06
Cruz	1	0	0	0	0	1	4.16
Clarke	1	0	0	0	1	2	3.33
Zerpa	1	0	0	0	0	1	5.03
Los Angeles	IP	H	R	ER	BB	SO	ERA
Aldegheri, L, 0-2	4⅔	7	3	3	2	0	8.00
Zeferjahn	⅓	0	0	0	0	0	4.75
Bachman	1	2	1	1	0	0	2.93
Burke	1	1	1	1	0	0	3.51
Urena	2	4	3	3	1	1	3.71
HBP: Aldegheri (Perez). WP: Aldegheri. PB: Perez (2). T: 2:42. Att.: 30,861.
Athletics 5, Astros 1
Houston	AB	R	H	BI	BB	SO	Avg.
Altuve 2b	4	0	0	0	0	1	.269
Correa 3b-ss	4	0	1	0	0	2	.262
Paredes dh	4	0	0	0	0	1	.254
Walker 1b	4	0	1	0	0	1	.250
Diaz c	4	0	0	0	0	0	.256
Meyers cf	3	0	1	0	0	1	.294
Cole lf-rf	1	0	0	0	0	1	.240
Sánchez ph-rf	1	0	0	0	0	0	.197
Dubón ss	2	0	0	0	1	0	.245
Totals	28	1	3	1	1	8	
Athletics	AB	R	H	BI	BB	SO	Avg.
Kurtz 1b	4	1	1	1	0	1	.291
Langeliers c	4	1	1	0	0	0	.259
Soderstrom lf	4	1	2	1	0	1	.278
Rooker dh	3	0	0	0	0	1	.266
Wilson ss	3	1	1	1	0	0	.318
Butler cf	4	1	1	0	0	1	.237
Hernaiz 2b	3	0	1	2	0	1	.300
Cortes rf	3	0	1	0	0	1	.314
Schuemann 3b	3	0	1	0	0	1	.243
Totals	31	5	9	4	3	7	
Houston 010 000 000 — 1 3 1
Athletics 100 120 01x — 5 9 0
E: Correa (1). LOB: Houston 5, Athletics 5. 2B: Kurtz (26), Wilson (25), B.Harris (5), Soderstrom (32). RBIs: Smith (51), Hernaiz (16), Soderstrom (91), Wilson (60), Cortes (13). CS: Soderstrom (3). SF: Smith, Cortes. S: Hernaiz. DP: Athletics 1.
Houston	IP	H	R	ER	BB	SO	ERA
Javier, L, 2-4	4⅔	5	4	4	2	1	4.62
Abreu	1⅓	2	0	0	0	1	2.69
Okert	1	0	0	0	0	3	4.09
De Los Santos	1	2	1	1	0	0	3.24
Athletics	IP	H	R	ER	BB	SO	ERA
Springs, W, 11-11	6	3	1	1	1	6	4.11
Ferguson, H, 12	1	0	0	0	0	2	4.79
Sterner, H, 16	1	0	0	0	0	0	3.27
Leiter	1	0	0	0	0	0	3.96
HBP: Sterner (Caratini). T: 2:29. Att.: 9,465.
